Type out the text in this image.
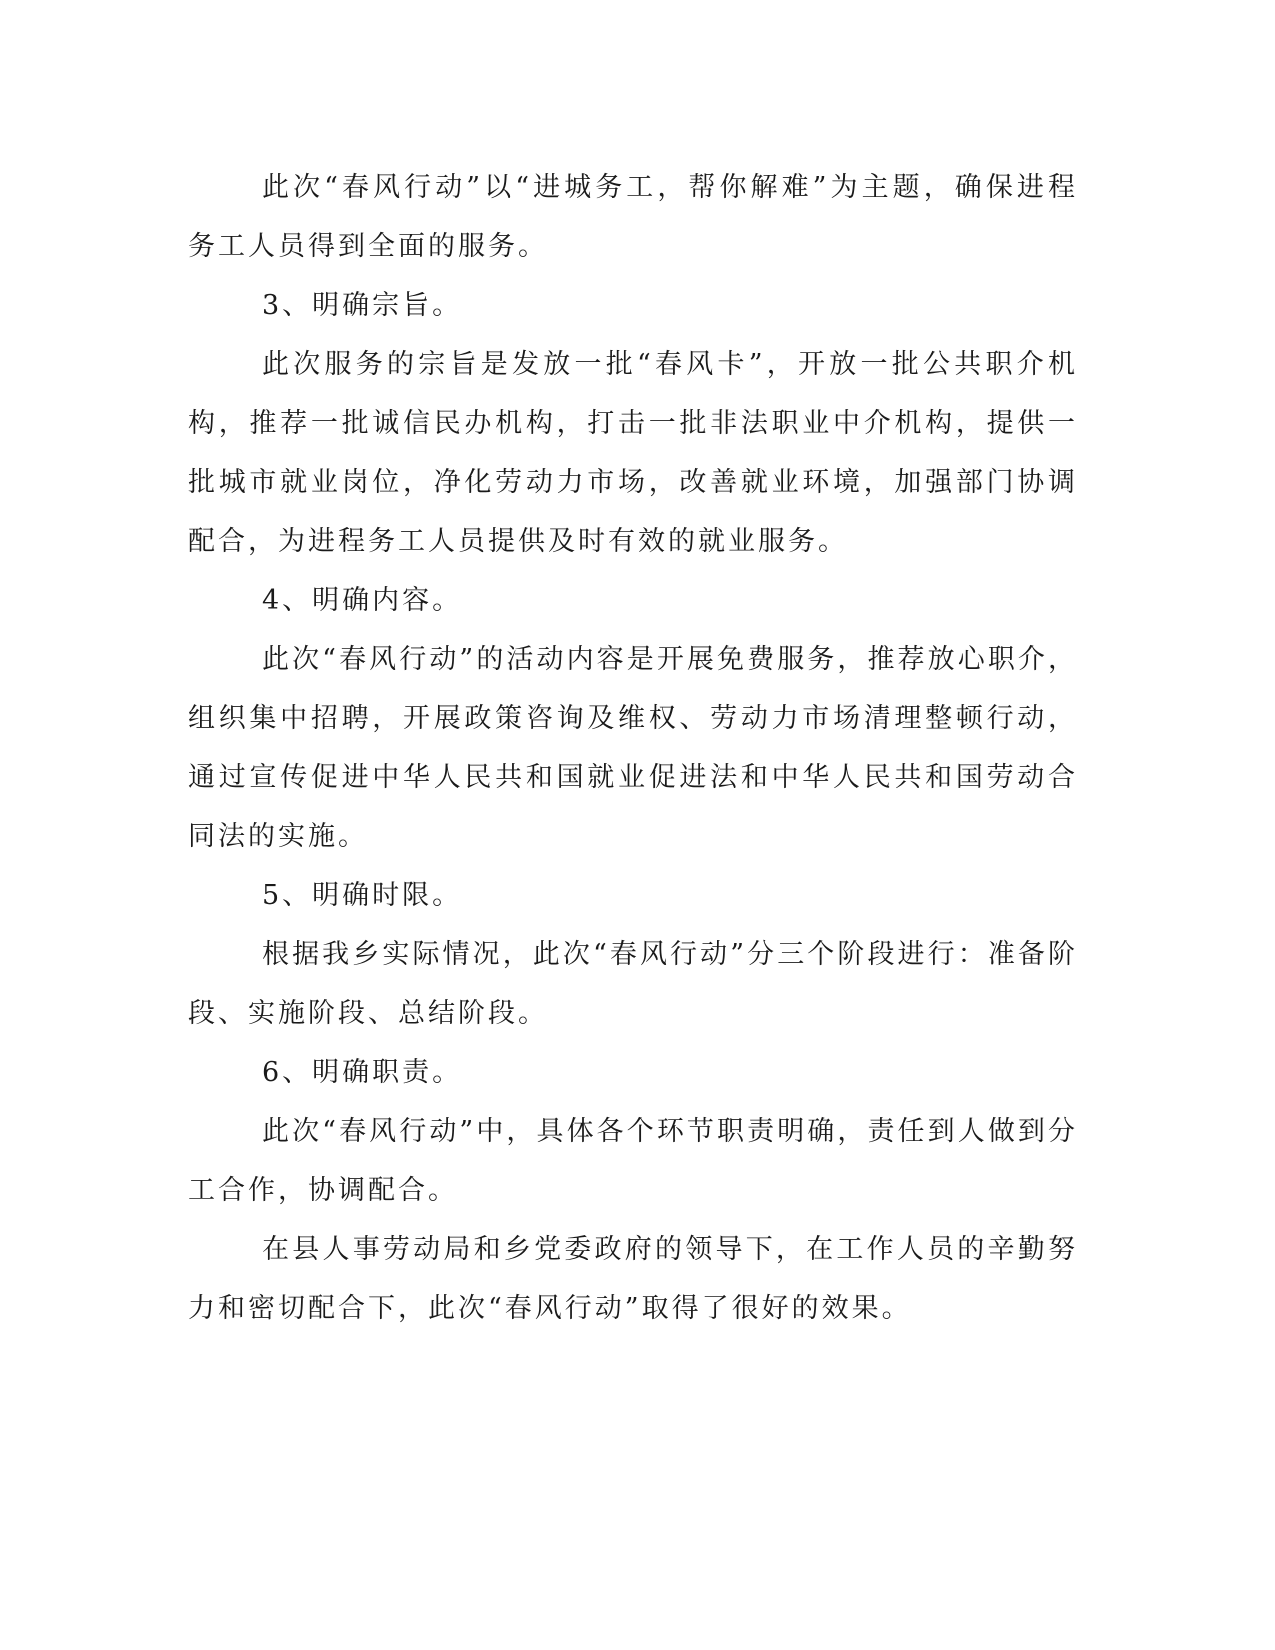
此次“春风行动”以“进城务工，帮你解难”为主题，确保进程务工人员得到全面的服务。

3、明确宗旨。

此次服务的宗旨是发放一批“春风卡”，开放一批公共职介机构，推荐一批诚信民办机构，打击一批非法职业中介机构，提供一批城市就业岗位，净化劳动力市场，改善就业环境，加强部门协调配合，为进程务工人员提供及时有效的就业服务。

4、明确内容。

此次“春风行动”的活动内容是开展免费服务，推荐放心职介，组织集中招聘，开展政策咨询及维权、劳动力市场清理整顿行动，通过宣传促进中华人民共和国就业促进法和中华人民共和国劳动合同法的实施。

5、明确时限。

根据我乡实际情况，此次“春风行动”分三个阶段进行：准备阶段、实施阶段、总结阶段。

6、明确职责。

此次“春风行动”中，具体各个环节职责明确，责任到人做到分工合作，协调配合。

在县人事劳动局和乡党委政府的领导下，在工作人员的辛勤努力和密切配合下，此次“春风行动”取得了很好的效果。
